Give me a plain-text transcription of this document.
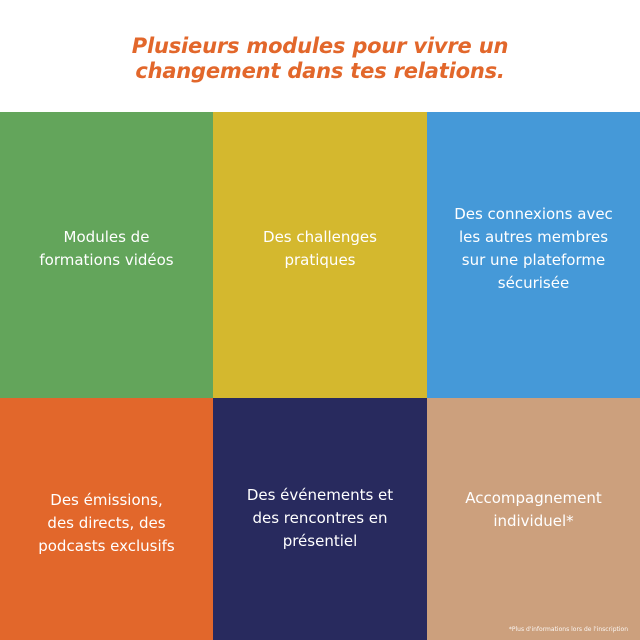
Plusieurs modules pour vivre un
changement dans tes relations.
Modules de
formations vidéos
Des challenges
pratiques
Des connexions avec
les autres membres
sur une plateforme
sécurisée
Des émissions,
des directs, des
podcasts exclusifs
Des événements et
des rencontres en
présentiel
Accompagnement
individuel*
*Plus d'informations lors de l'inscription
